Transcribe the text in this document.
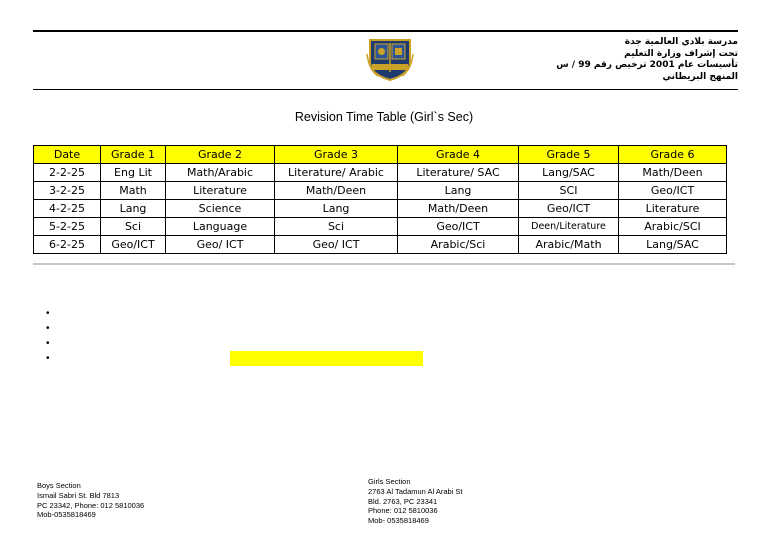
مدرسة بلادي العالمية جدة
تحت إشراف وزارة التعليم
تأسيسات عام 2001 ترخيص رقم 99 / س
المنهج البريطاني
Revision Time Table (Girl`s Sec)
Date	Grade 1	Grade 2	Grade 3	Grade 4	Grade 5	Grade 6
2-2-25	Eng Lit	Math/Arabic	Literature/ Arabic	Literature/ SAC	Lang/SAC	Math/Deen
3-2-25	Math	Literature	Math/Deen	Lang	SCI	Geo/ICT
4-2-25	Lang	Science	Lang	Math/Deen	Geo/ICT	Literature
5-2-25	Sci	Language	Sci	Geo/ICT	Deen/Literature	Arabic/SCI
6-2-25	Geo/ICT	Geo/ ICT	Geo/ ICT	Arabic/Sci	Arabic/Math	Lang/SAC
•
•
•
•
Boys Section
Ismail Sabri St. Bld 7813
PC 23342, Phone: 012 5810036
Mob-0535818469
Girls Section
2763 Al Tadamun Al Arabi St
Bld. 2763, PC 23341
Phone: 012 5810036
Mob- 0535818469
